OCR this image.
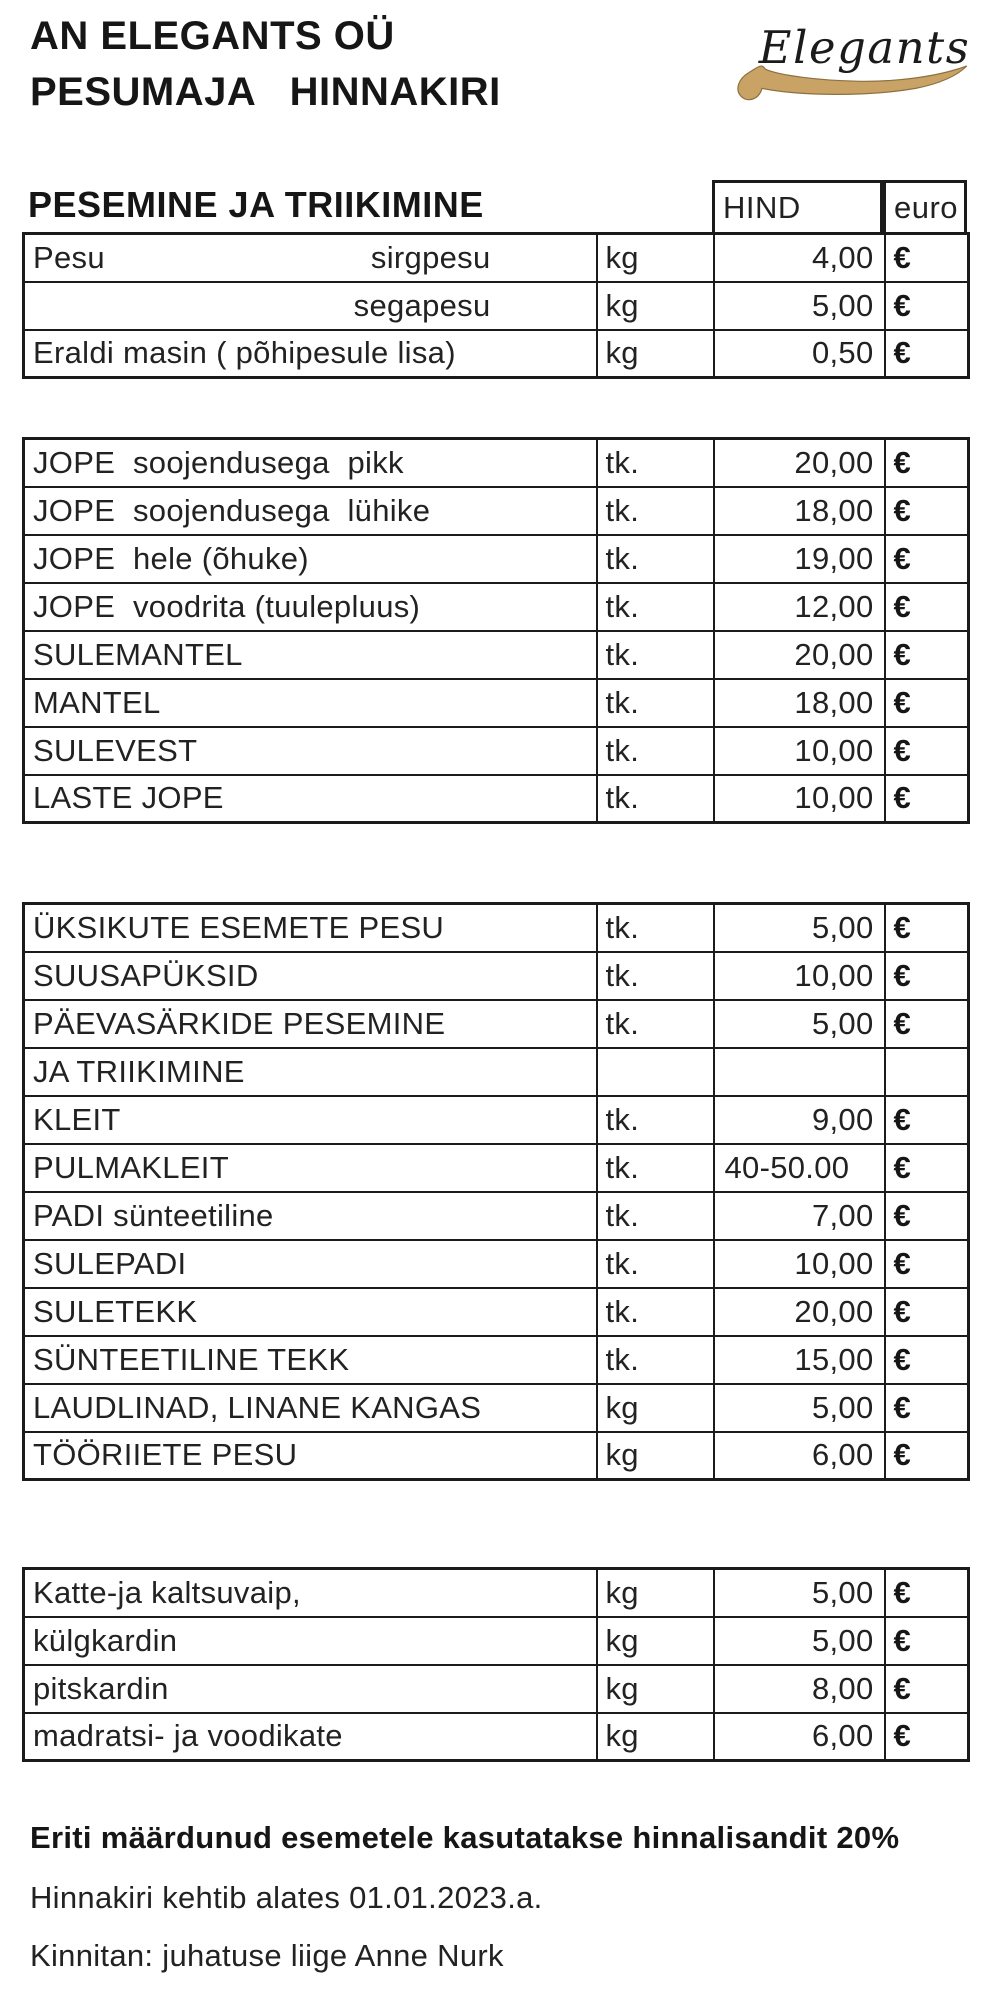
AN ELEGANTS OÜ
PESUMAJA   HINNAKIRI
Elegants
PESEMINE JA TRIIKIMINE	HIND	euro
Pesu sirgpesu	kg	4,00	€

segapesu	kg	5,00	€

Eraldi masin ( põhipesule lisa)	kg	0,50	€
JOPE  soojendusega  pikk	tk.	20,00	€

JOPE  soojendusega  lühike	tk.	18,00	€

JOPE  hele (õhuke)	tk.	19,00	€

JOPE  voodrita (tuulepluus)	tk.	12,00	€

SULEMANTEL	tk.	20,00	€

MANTEL	tk.	18,00	€

SULEVEST	tk.	10,00	€

LASTE JOPE	tk.	10,00	€
ÜKSIKUTE ESEMETE PESU	tk.	5,00	€

SUUSAPÜKSID	tk.	10,00	€

PÄEVASÄRKIDE PESEMINE	tk.	5,00	€

JA TRIIKIMINE			

KLEIT	tk.	9,00	€

PULMAKLEIT	tk.	40-50.00	€

PADI sünteetiline	tk.	7,00	€

SULEPADI	tk.	10,00	€

SULETEKK	tk.	20,00	€

SÜNTEETILINE TEKK	tk.	15,00	€

LAUDLINAD, LINANE KANGAS	kg	5,00	€

TÖÖRIIETE PESU	kg	6,00	€
Katte-ja kaltsuvaip,	kg	5,00	€

külgkardin	kg	5,00	€

pitskardin	kg	8,00	€

madratsi- ja voodikate	kg	6,00	€
Eriti määrdunud esemetele kasutatakse hinnalisandit 20%
Hinnakiri kehtib alates 01.01.2023.a.
Kinnitan: juhatuse liige Anne Nurk
